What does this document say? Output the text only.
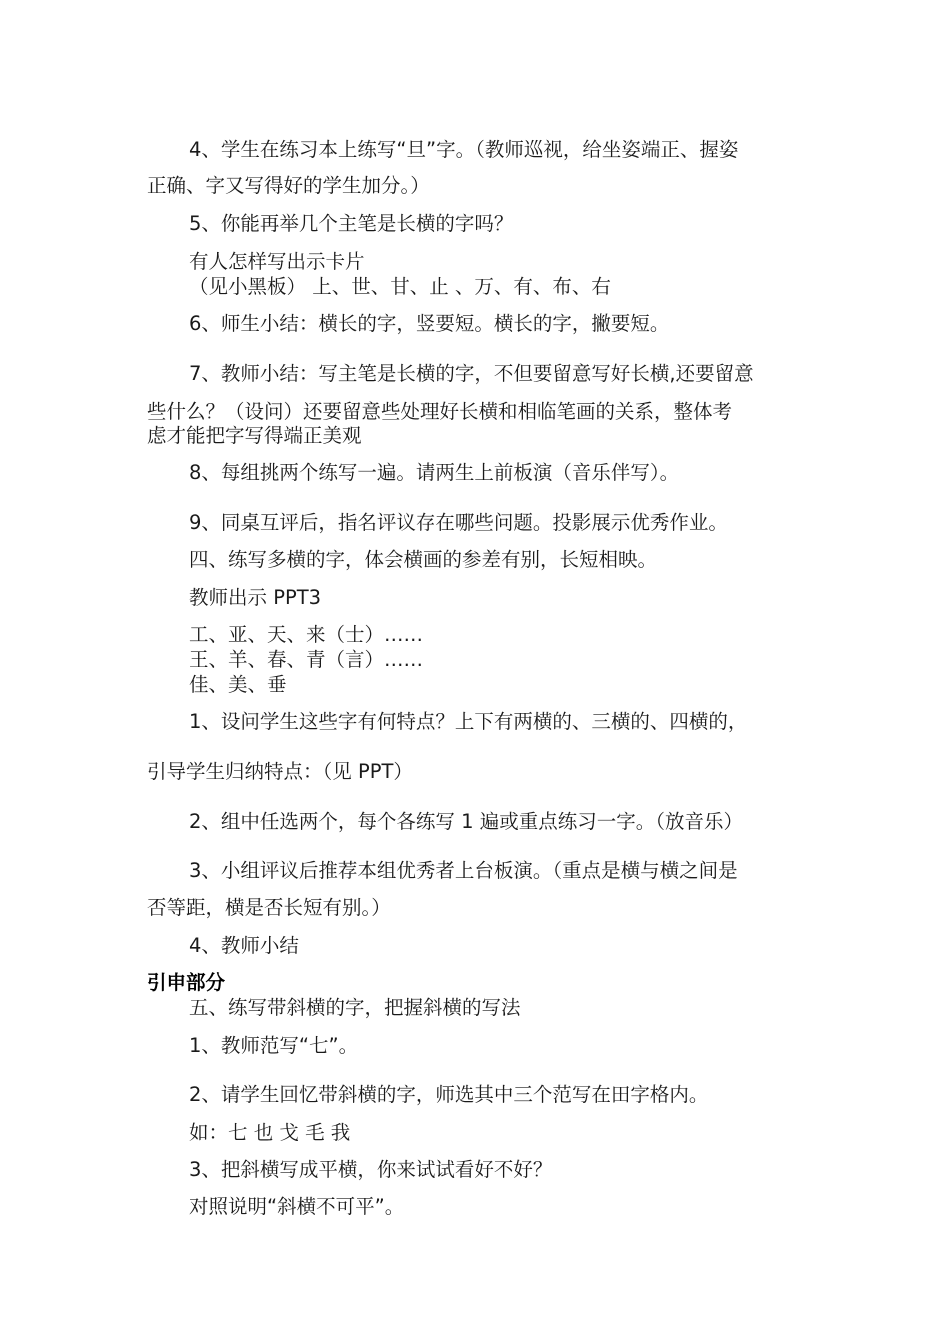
4、学生在练习本上练写“旦”字。（教师巡视，给坐姿端正、握姿
正确、字又写得好的学生加分。）
5、你能再举几个主笔是长横的字吗？
有人怎样写出示卡片
（见小黑板） 上、世、甘、止 、万、有、布、右
6、师生小结：横长的字，竖要短。横长的字，撇要短。
7、教师小结：写主笔是长横的字，不但要留意写好长横,还要留意
些什么？（设问）还要留意些处理好长横和相临笔画的关系，整体考
虑才能把字写得端正美观
8、每组挑两个练写一遍。请两生上前板演（音乐伴写）。
9、同桌互评后，指名评议存在哪些问题。投影展示优秀作业。
四、练写多横的字，体会横画的参差有别，长短相映。
教师出示 PPT3
工、亚、天、来（士）……
王、羊、春、青（言）……
佳、美、垂
1、设问学生这些字有何特点？上下有两横的、三横的、四横的，
引导学生归纳特点：（见 PPT）
2、组中任选两个，每个各练写 1 遍或重点练习一字。（放音乐）
3、小组评议后推荐本组优秀者上台板演。（重点是横与横之间是
否等距，横是否长短有别。）
4、教师小结
引申部分
五、练写带斜横的字，把握斜横的写法
1、教师范写“七”。
2、请学生回忆带斜横的字，师选其中三个范写在田字格内。
如：七 也 戈 毛 我
3、把斜横写成平横，你来试试看好不好？
对照说明“斜横不可平”。
